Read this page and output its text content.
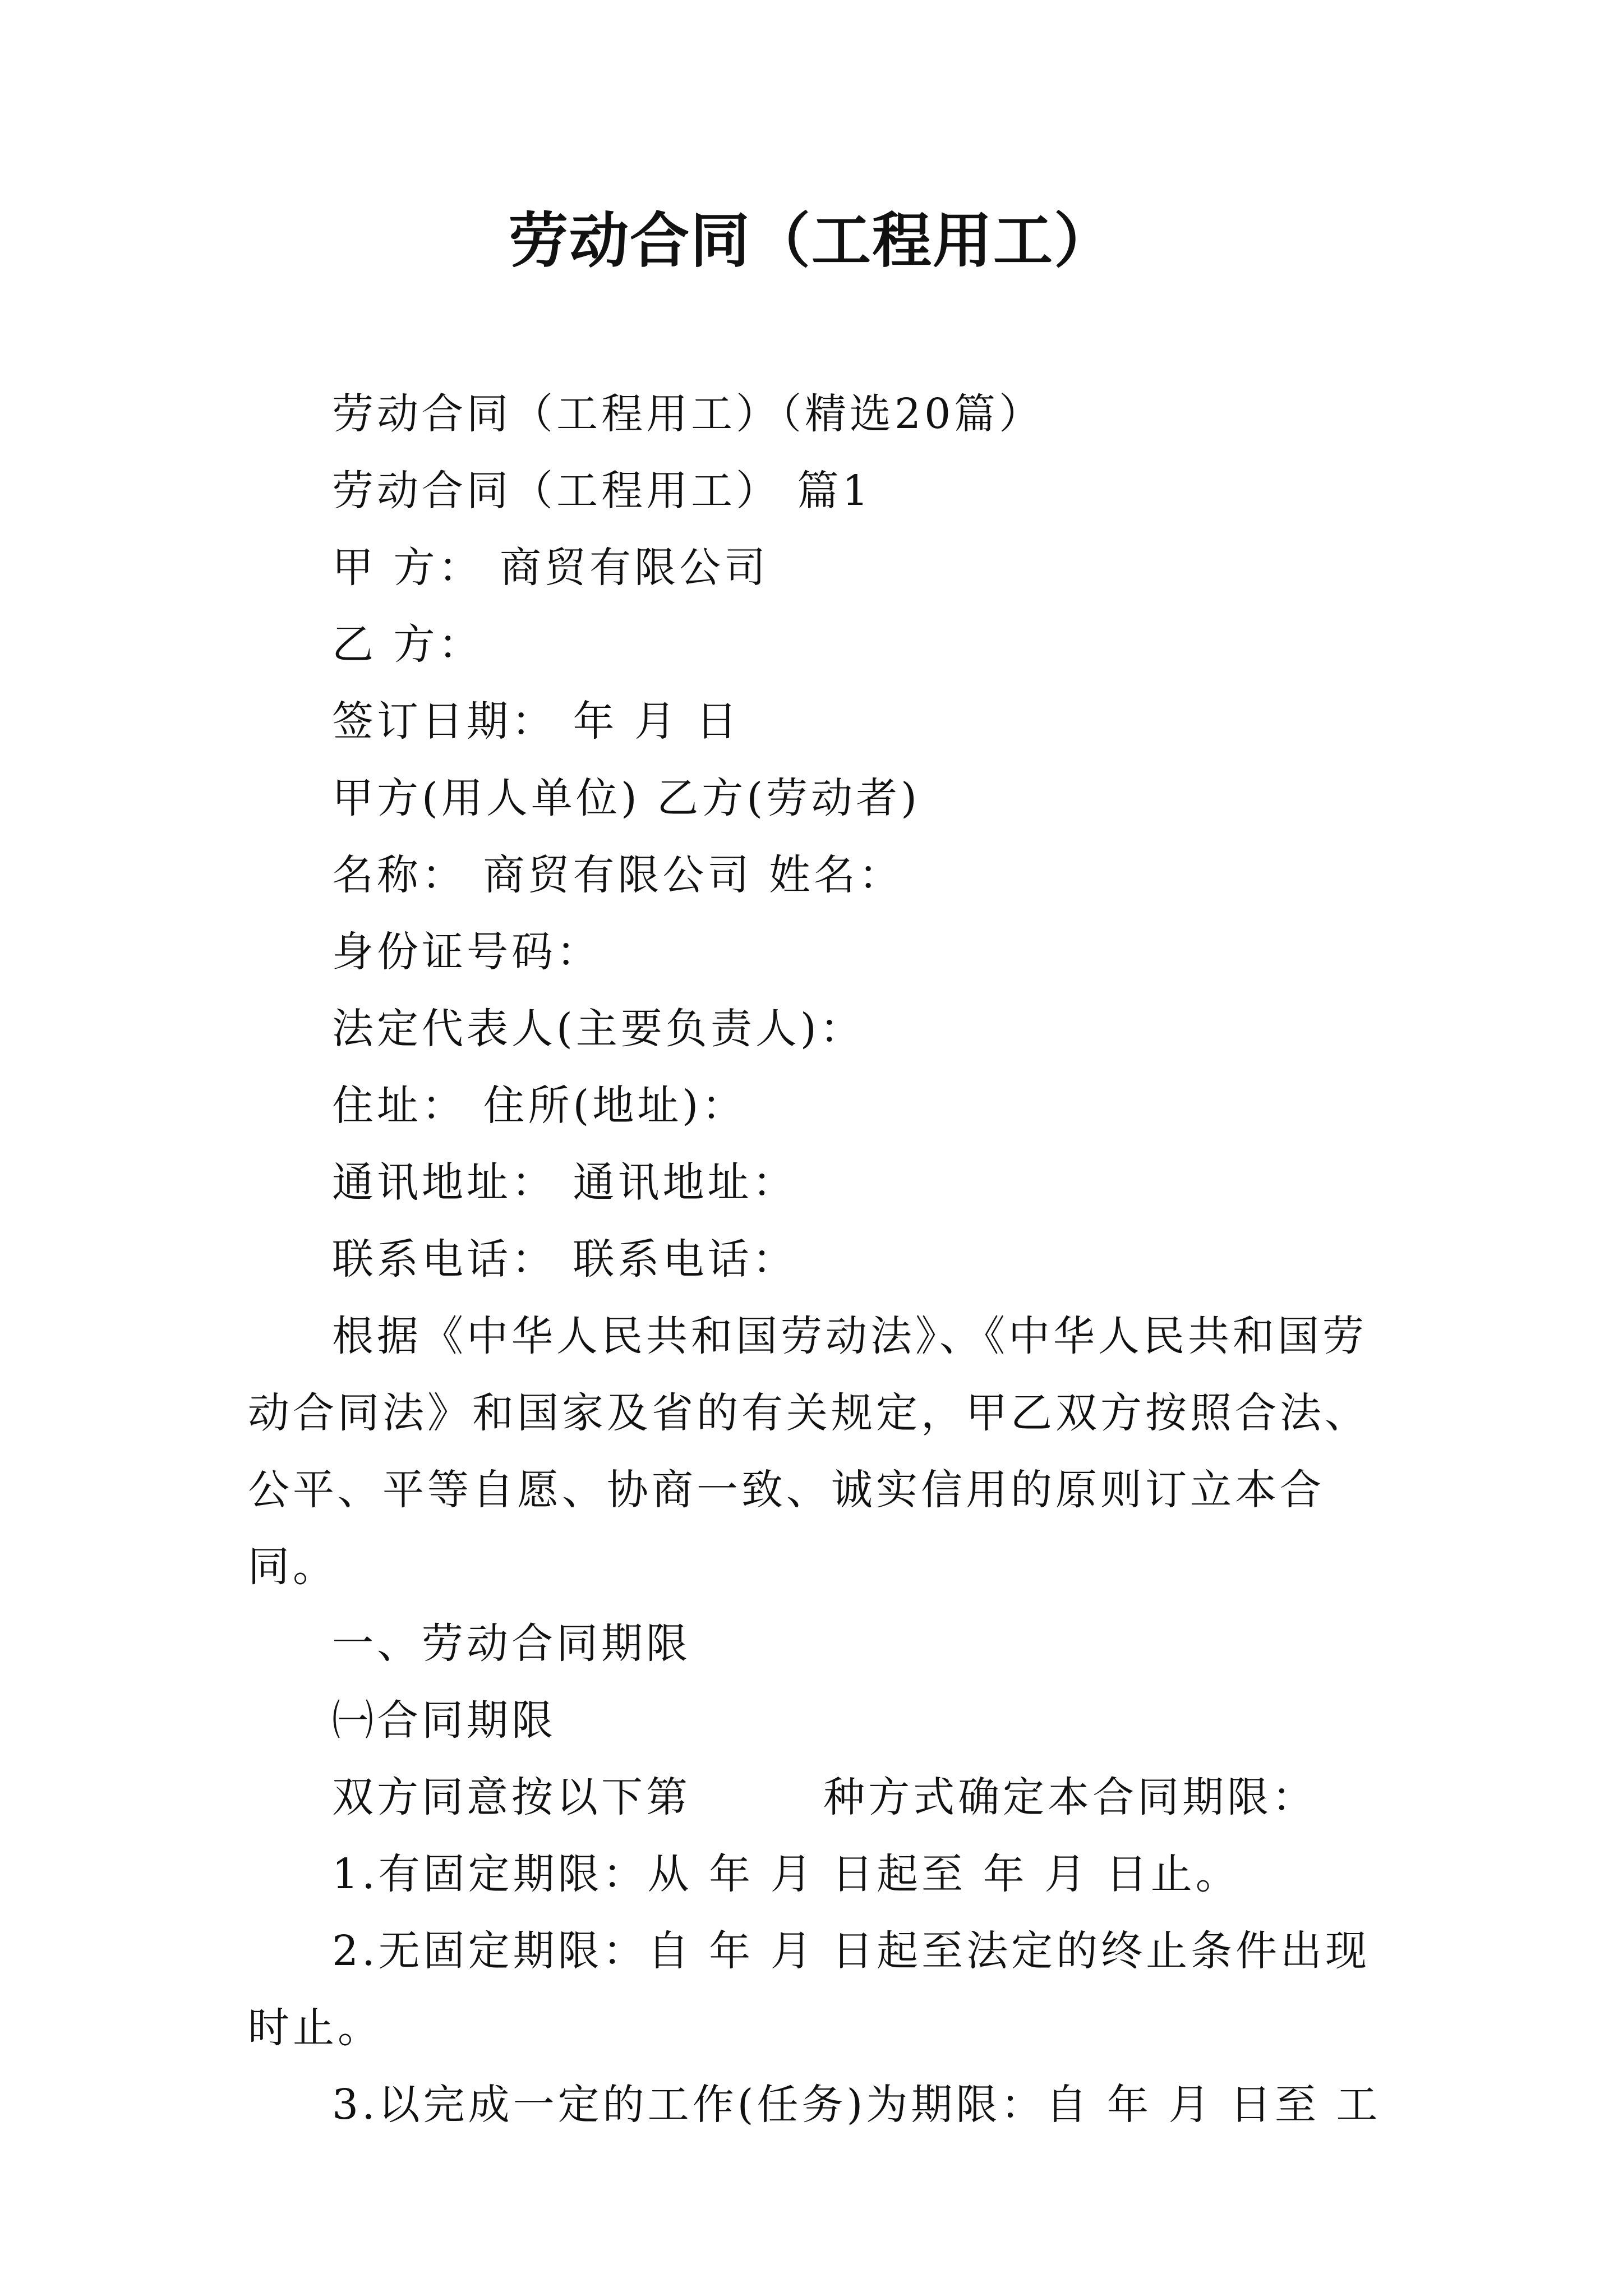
劳动合同（工程用工）

劳动合同（工程用工）（精选20篇）

劳动合同（工程用工） 篇1

甲 方： 商贸有限公司

乙 方：

签订日期： 年 月 日

甲方(用人单位) 乙方(劳动者)

名称： 商贸有限公司 姓名：

身份证号码：

法定代表人(主要负责人)：

住址： 住所(地址)：

通讯地址： 通讯地址：

联系电话： 联系电话：

根据《中华人民共和国劳动法》、《中华人民共和国劳动合同法》和国家及省的有关规定，甲乙双方按照合法、公平、平等自愿、协商一致、诚实信用的原则订立本合同。

一、劳动合同期限

㈠合同期限

双方同意按以下第        种方式确定本合同期限：

1.有固定期限：从 年 月 日起至 年 月 日止。

2.无固定期限：自 年 月 日起至法定的终止条件出现时止。

3.以完成一定的工作(任务)为期限：自 年 月 日至 工
